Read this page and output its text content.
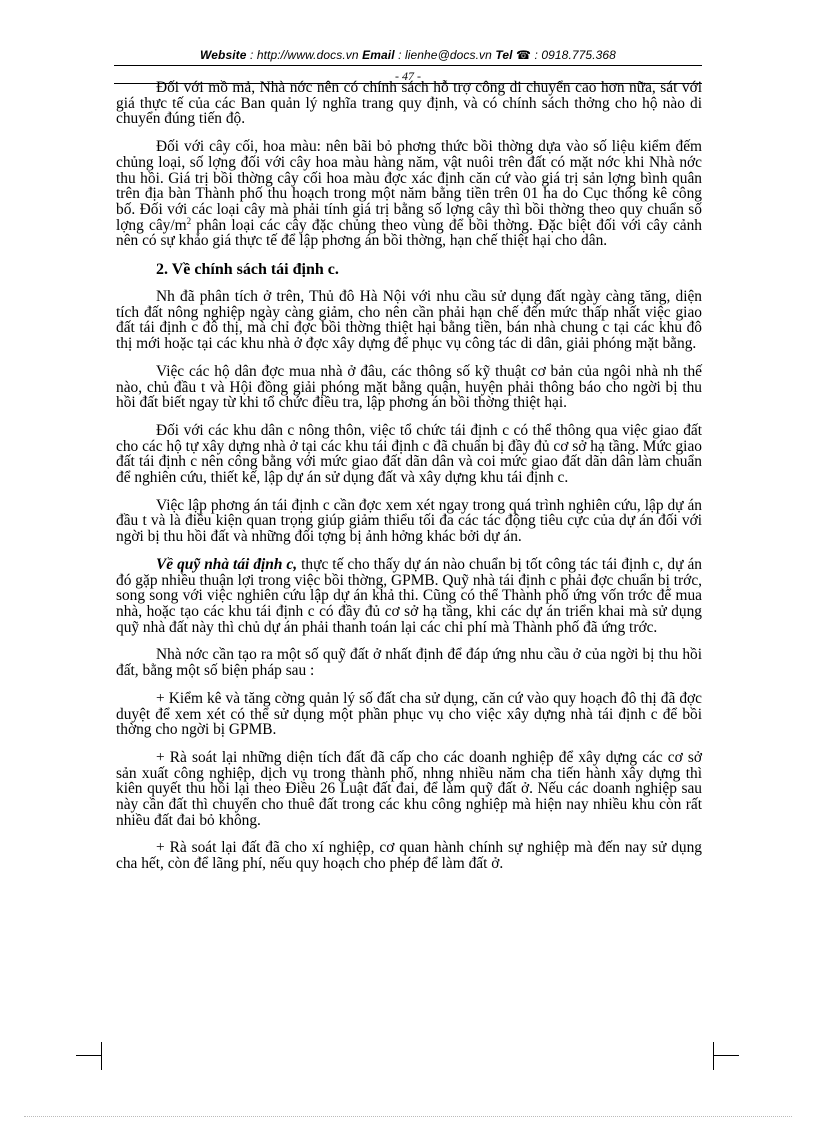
Website : http://www.docs.vn Email : lienhe@docs.vn Tel ☎ : 0918.775.368
- 47 -

Đối với mồ mả, Nhà nớc nên có chính sách hỗ trợ công di chuyển cao hơn nữa, sát với giá thực tế của các Ban quản lý nghĩa trang quy định, và có chính sách thởng cho hộ nào di chuyển đúng tiến độ.

Đối với cây cối, hoa màu: nên bãi bỏ phơng thức bồi thờng dựa vào số liệu kiểm đếm chủng loại, số lợng đối với cây hoa màu hàng năm, vật nuôi trên đất có mặt nớc khi Nhà nớc thu hồi. Giá trị bồi thờng cây cối hoa màu đợc xác định căn cứ vào giá trị sản lợng bình quân trên địa bàn Thành phố thu hoạch trong một năm bằng tiền trên 01 ha do Cục thống kê công bố. Đối với các loại cây mà phải tính giá trị bằng số lợng cây thì bồi thờng theo quy chuẩn số lợng cây/$m^2$ phân loại các cây đặc chủng theo vùng để bồi thờng. Đặc biệt đối với cây cảnh nên có sự khảo giá thực tế để lập phơng án bồi thờng, hạn chế thiệt hại cho dân.

2. Về chính sách tái định c.

Nh đã phân tích ở trên, Thủ đô Hà Nội với nhu cầu sử dụng đất ngày càng tăng, diện tích đất nông nghiệp ngày càng giảm, cho nên cần phải hạn chế đến mức thấp nhất việc giao đất tái định c đô thị, mà chỉ đợc bồi thờng thiệt hại bằng tiền, bán nhà chung c tại các khu đô thị mới hoặc tại các khu nhà ở đợc xây dựng để phục vụ công tác di dân, giải phóng mặt bằng.

Việc các hộ dân đợc mua nhà ở đâu, các thông số kỹ thuật cơ bản của ngôi nhà nh thế nào, chủ đầu t và Hội đồng giải phóng mặt bằng quận, huyện phải thông báo cho ngời bị thu hồi đất biết ngay từ khi tổ chức điều tra, lập phơng án bồi thờng thiệt hại.

Đối với các khu dân c nông thôn, việc tổ chức tái định c có thể thông qua việc giao đất cho các hộ tự xây dựng nhà ở tại các khu tái định c đã chuẩn bị đầy đủ cơ sở hạ tầng. Mức giao đất tái định c nên công bằng với mức giao đất dãn dân và coi mức giao đất dãn dân làm chuẩn để nghiên cứu, thiết kế, lập dự án sử dụng đất và xây dựng khu tái định c.

Việc lập phơng án tái định c cần đợc xem xét ngay trong quá trình nghiên cứu, lập dự án đầu t và là điều kiện quan trọng giúp giảm thiểu tối đa các tác động tiêu cực của dự án đối với ngời bị thu hồi đất và những đối tợng bị ảnh hởng khác bởi dự án.

Về quỹ nhà tái định c, thực tế cho thấy dự án nào chuẩn bị tốt công tác tái định c, dự án đó gặp nhiều thuận lợi trong việc bồi thờng, GPMB. Quỹ nhà tái định c phải đợc chuẩn bị trớc, song song với việc nghiên cứu lập dự án khả thi. Cũng có thể Thành phố ứng vốn trớc để mua nhà, hoặc tạo các khu tái định c có đầy đủ cơ sở hạ tầng, khi các dự án triển khai mà sử dụng quỹ nhà đất này thì chủ dự án phải thanh toán lại các chi phí mà Thành phố đã ứng trớc.

Nhà nớc cần tạo ra một số quỹ đất ở nhất định để đáp ứng nhu cầu ở của ngời bị thu hồi đất, bằng một số biện pháp sau :

+ Kiểm kê và tăng cờng quản lý số đất cha sử dụng, căn cứ vào quy hoạch đô thị đã đợc duyệt để xem xét có thể sử dụng một phần phục vụ cho việc xây dựng nhà tái định c để bồi thờng cho ngời bị GPMB.

+ Rà soát lại những diện tích đất đã cấp cho các doanh nghiệp để xây dựng các cơ sở sản xuất công nghiệp, dịch vụ trong thành phố, nhng nhiều năm cha tiến hành xây dựng thì kiên quyết thu hồi lại theo Điều 26 Luật đất đai, để làm quỹ đất ở. Nếu các doanh nghiệp sau này cần đất thì chuyển cho thuê đất trong các khu công nghiệp mà hiện nay nhiều khu còn rất nhiều đất đai bỏ không.

+ Rà soát lại đất đã cho xí nghiệp, cơ quan hành chính sự nghiệp mà đến nay sử dụng cha hết, còn để lãng phí, nếu quy hoạch cho phép để làm đất ở.
